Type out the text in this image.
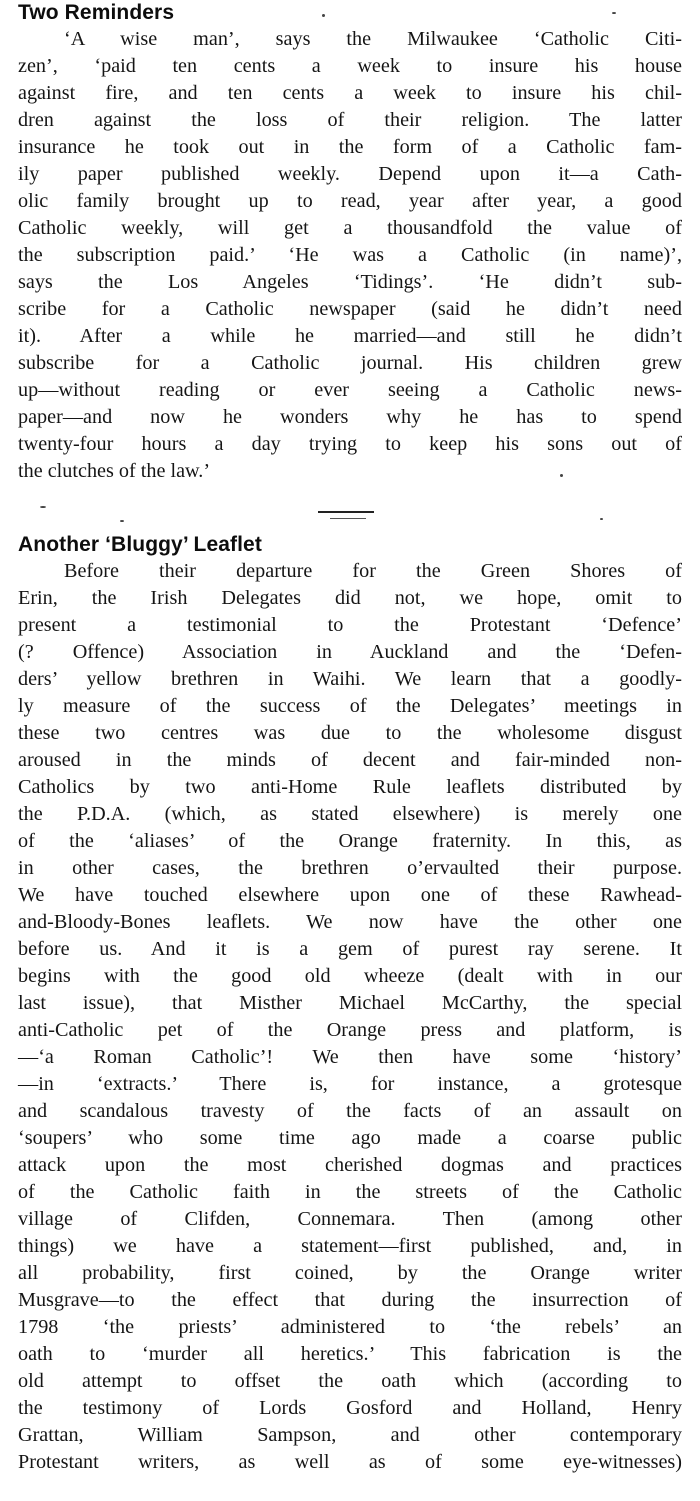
Two Reminders

‘A wise man’, says the Milwaukee ‘Catholic Citi-
zen’, ‘paid ten cents a week to insure his house
against fire, and ten cents a week to insure his chil-
dren against the loss of their religion. The latter
insurance he took out in the form of a Catholic fam-
ily paper published weekly. Depend upon it—a Cath-
olic family brought up to read, year after year, a good
Catholic weekly, will get a thousandfold the value of
the subscription paid.’ ‘He was a Catholic (in name)’,
says the Los Angeles ‘Tidings’. ‘He didn’t sub-
scribe for a Catholic newspaper (said he didn’t need
it). After a while he married—and still he didn’t
subscribe for a Catholic journal. His children grew
up—without reading or ever seeing a Catholic news-
paper—and now he wonders why he has to spend
twenty-four hours a day trying to keep his sons out of
the clutches of the law.’

Another ‘Bluggy’ Leaflet

Before their departure for the Green Shores of
Erin, the Irish Delegates did not, we hope, omit to
present a testimonial to the Protestant ‘Defence’
(? Offence) Association in Auckland and the ‘Defen-
ders’ yellow brethren in Waihi. We learn that a goodly-
ly measure of the success of the Delegates’ meetings in
these two centres was due to the wholesome disgust
aroused in the minds of decent and fair-minded non-
Catholics by two anti-Home Rule leaflets distributed by
the P.D.A. (which, as stated elsewhere) is merely one
of the ‘aliases’ of the Orange fraternity. In this, as
in other cases, the brethren o’ervaulted their purpose.
We have touched elsewhere upon one of these Rawhead-
and-Bloody-Bones leaflets. We now have the other one
before us. And it is a gem of purest ray serene. It
begins with the good old wheeze (dealt with in our
last issue), that Misther Michael McCarthy, the special
anti-Catholic pet of the Orange press and platform, is
—‘a Roman Catholic’! We then have some ‘history’
—in ‘extracts.’ There is, for instance, a grotesque
and scandalous travesty of the facts of an assault on
‘soupers’ who some time ago made a coarse public
attack upon the most cherished dogmas and practices
of the Catholic faith in the streets of the Catholic
village of Clifden, Connemara. Then (among other
things) we have a statement—first published, and, in
all probability, first coined, by the Orange writer
Musgrave—to the effect that during the insurrection of
1798 ‘the priests’ administered to ‘the rebels’ an
oath to ‘murder all heretics.’ This fabrication is the
old attempt to offset the oath which (according to
the testimony of Lords Gosford and Holland, Henry
Grattan, William Sampson, and other contemporary
Protestant writers, as well as of some eye-witnesses)
